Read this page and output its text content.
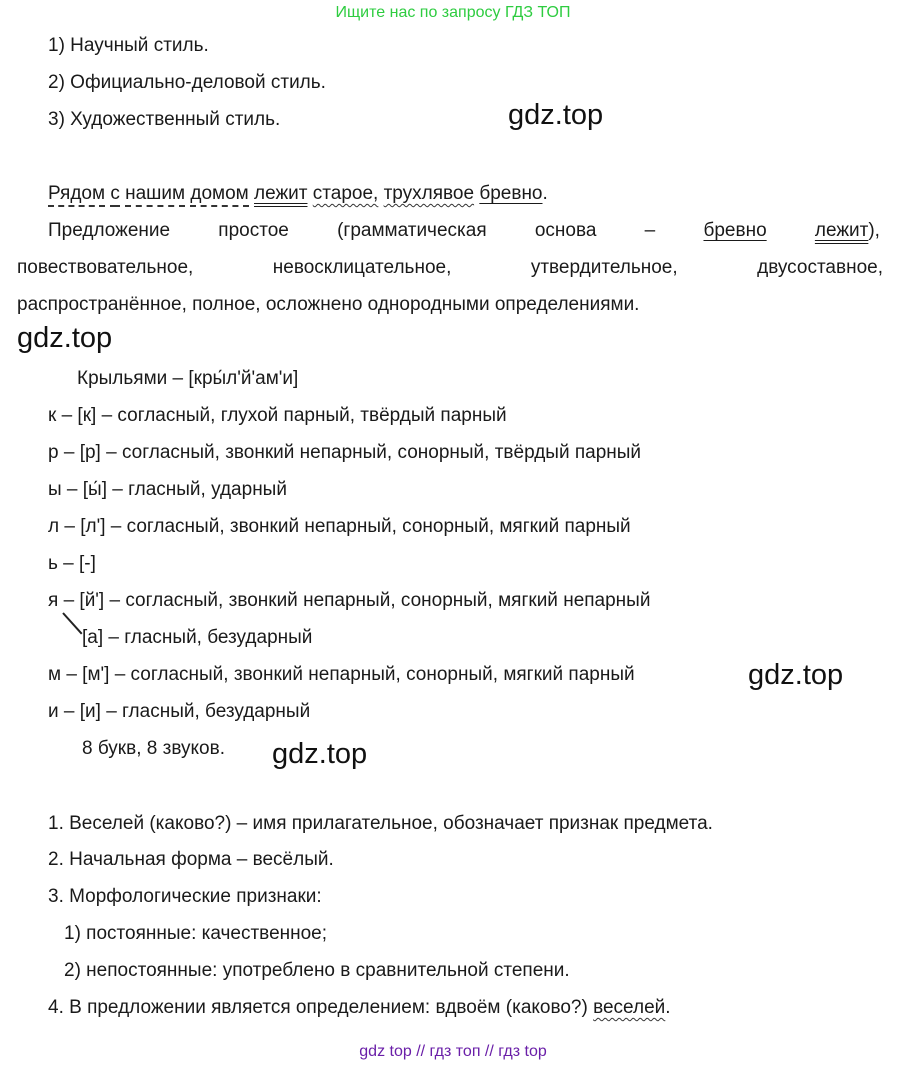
Ищите нас по запросу ГДЗ ТОП
1) Научный стиль.
2) Официально-деловой стиль.
3) Художественный стиль.	gdz.top
Рядом с нашим домом лежит старое, трухлявое бревно.
Предложение	простое	(грамматическая	основа	–	бревно	лежит),
повествовательное,	невосклицательное,	утвердительное,	двусоставное,
распространённое, полное, осложнено однородными определениями.
gdz.top
Крыльями – [кры́л'й'ам'и]
к – [к] – согласный, глухой парный, твёрдый парный
р – [р] – согласный, звонкий непарный, сонорный, твёрдый парный
ы – [ы́] – гласный, ударный
л – [л'] – согласный, звонкий непарный, сонорный, мягкий парный
ь – [-]
я – [й'] – согласный, звонкий непарный, сонорный, мягкий непарный
[а] – гласный, безударный
м – [м'] – согласный, звонкий непарный, сонорный, мягкий парный	gdz.top
и – [и] – гласный, безударный
8 букв, 8 звуков. gdz.top
1. Веселей (каково?) – имя прилагательное, обозначает признак предмета.
2. Начальная форма – весёлый.
3. Морфологические признаки:
1) постоянные: качественное;
2) непостоянные: употреблено в сравнительной степени.
4. В предложении является определением: вдвоём (каково?) веселей.
gdz top // гдз топ // гдз top
